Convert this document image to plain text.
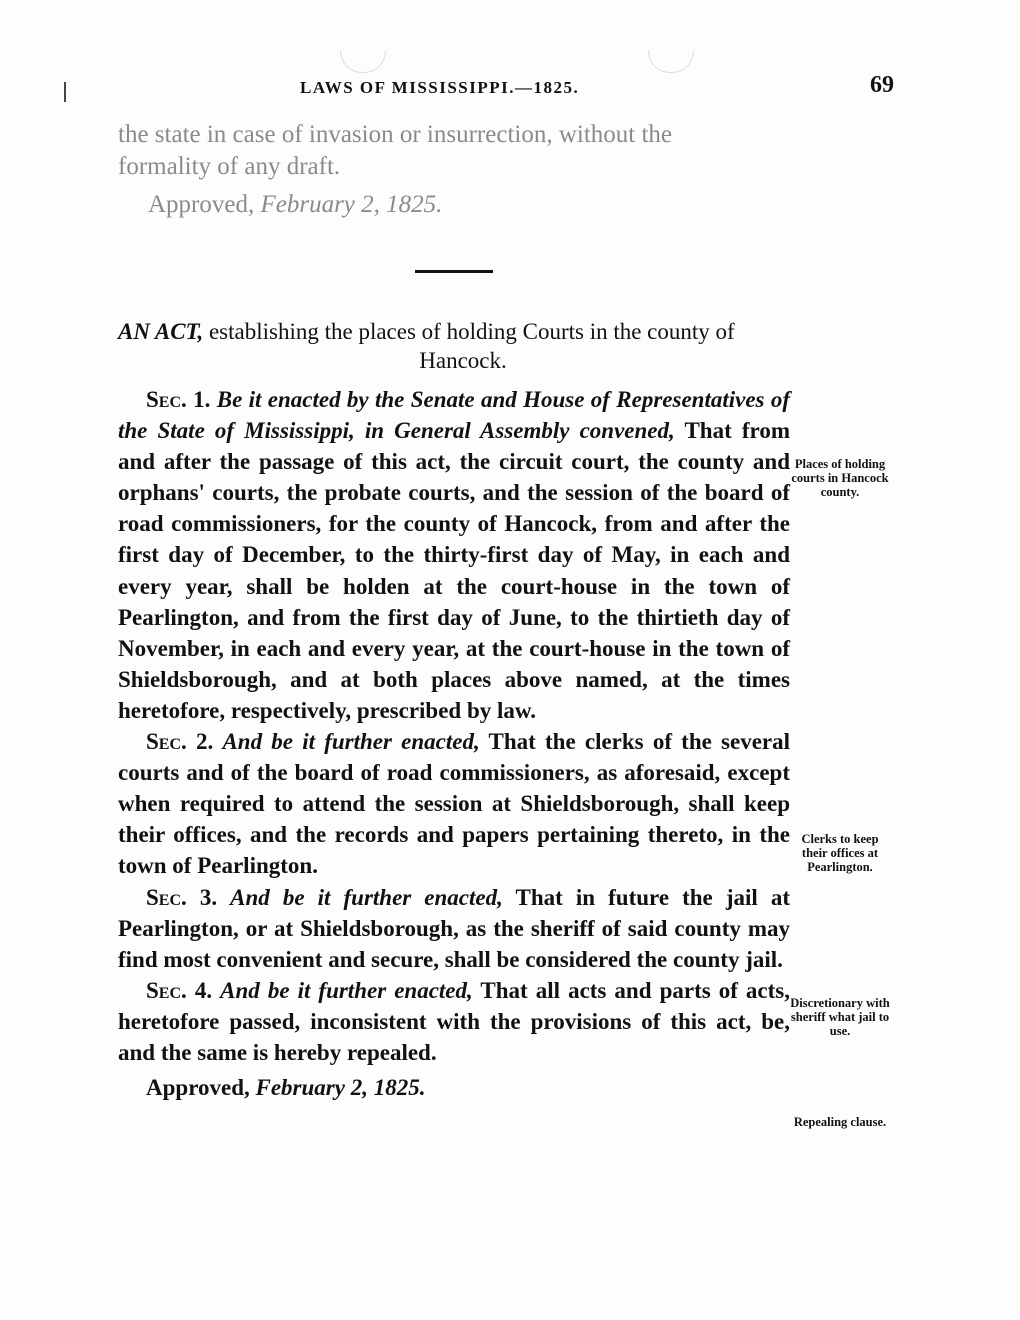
LAWS OF MISSISSIPPI.—1825.	69
the state in case of invasion or insurrection, without the
formality of any draft.
Approved, February 2, 1825.
AN ACT, establishing the places of holding Courts in the county of
Hancock.

Sec. 1. Be it enacted by the Senate and House of Representatives of the State of Mississippi, in General Assembly convened, That from and after the passage of this act, the circuit court, the county and orphans' courts, the probate courts, and the session of the board of road commissioners, for the county of Hancock, from and after the first day of December, to the thirty-first day of May, in each and every year, shall be holden at the court-house in the town of Pearlington, and from the first day of June, to the thirtieth day of November, in each and every year, at the court-house in the town of Shieldsborough, and at both places above named, at the times heretofore, respectively, prescribed by law.

Sec. 2. And be it further enacted, That the clerks of the several courts and of the board of road commissioners, as aforesaid, except when required to attend the session at Shieldsborough, shall keep their offices, and the records and papers pertaining thereto, in the town of Pearlington.

Sec. 3. And be it further enacted, That in future the jail at Pearlington, or at Shieldsborough, as the sheriff of said county may find most convenient and secure, shall be considered the county jail.

Sec. 4. And be it further enacted, That all acts and parts of acts, heretofore passed, inconsistent with the provisions of this act, be, and the same is hereby repealed.

Approved, February 2, 1825.

Places of holding courts in Hancock county.
Clerks to keep their offices at Pearlington.
Discretionary with sheriff what jail to use.
Repealing clause.
